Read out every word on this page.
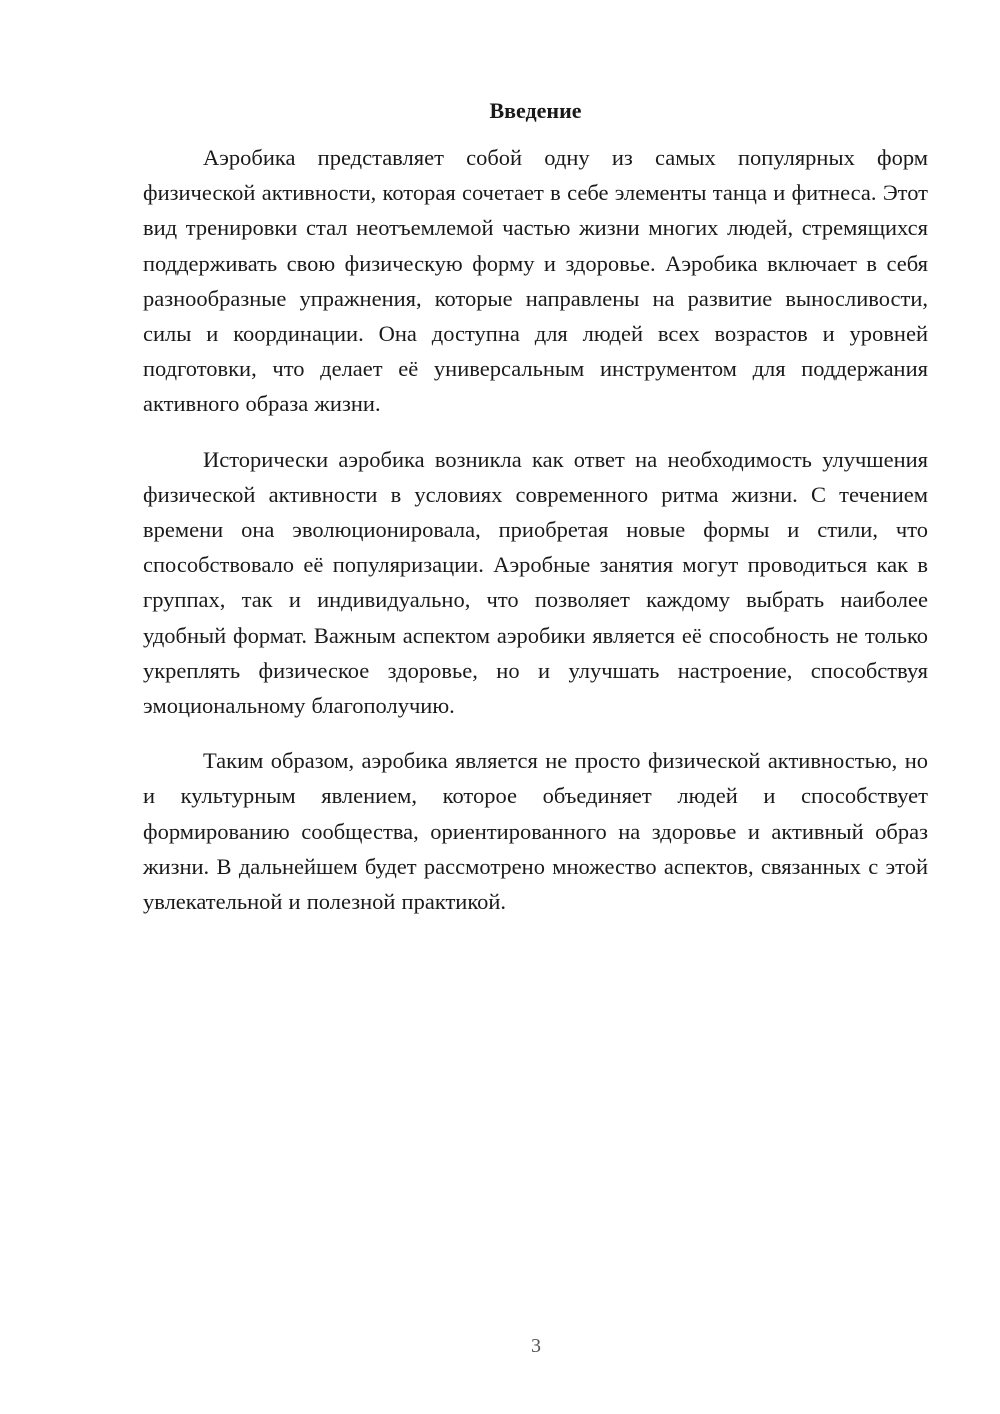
Введение

Аэробика представляет собой одну из самых популярных форм физической активности, которая сочетает в себе элементы танца и фитнеса. Этот вид тренировки стал неотъемлемой частью жизни многих людей, стремящихся поддерживать свою физическую форму и здоровье. Аэробика включает в себя разнообразные упражнения, которые направлены на развитие выносливости, силы и координации. Она доступна для людей всех возрастов и уровней подготовки, что делает её универсальным инструментом для поддержания активного образа жизни.

Исторически аэробика возникла как ответ на необходимость улучшения физической активности в условиях современного ритма жизни. С течением времени она эволюционировала, приобретая новые формы и стили, что способствовало её популяризации. Аэробные занятия могут проводиться как в группах, так и индивидуально, что позволяет каждому выбрать наиболее удобный формат. Важным аспектом аэробики является её способность не только укреплять физическое здоровье, но и улучшать настроение, способствуя эмоциональному благополучию.

Таким образом, аэробика является не просто физической активностью, но и культурным явлением, которое объединяет людей и способствует формированию сообщества, ориентированного на здоровье и активный образ жизни. В дальнейшем будет рассмотрено множество аспектов, связанных с этой увлекательной и полезной практикой.

3
